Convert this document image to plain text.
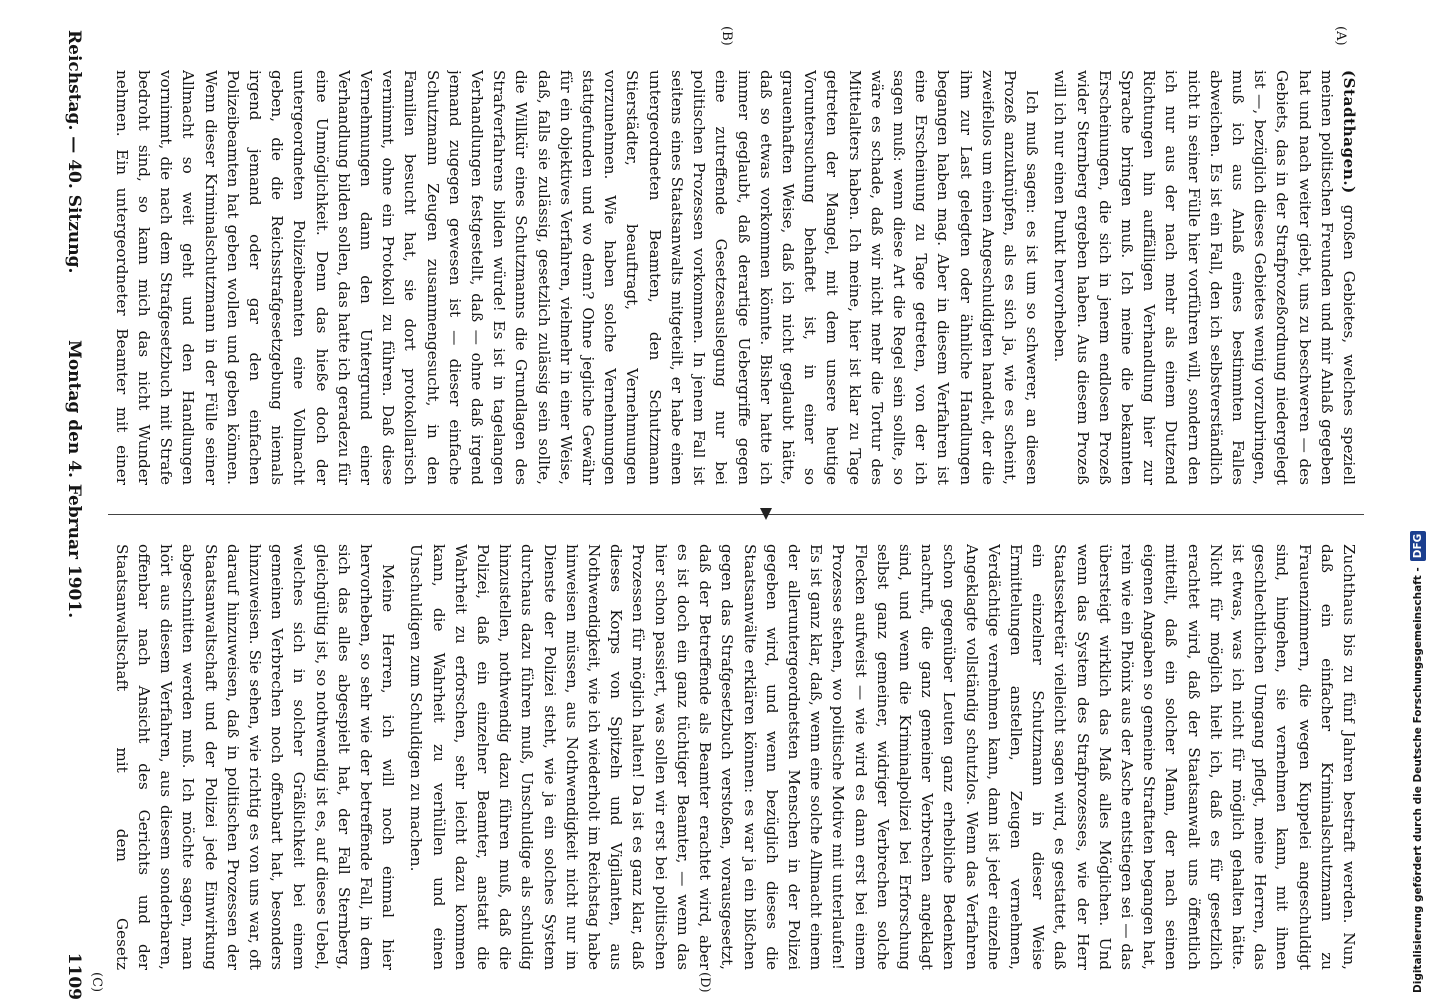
Reichstag. — 40. Sitzung.
Montag den 4. Februar 1901.
1109
(A)
(B)
(C)	(D)

(Stadthagen.) großen Gebietes, welches speziell meinen politischen Freunden und mir Anlaß gegeben hat und nach weiter giebt, uns zu beschweren — des Gebiets, das in der Strafprozeßordnung niedergelegt ist —, bezüglich dieses Gebietes wenig vorzubringen, muß ich aus Anlaß eines bestimmten Falles abweichen. Es ist ein Fall, den ich selbstverständlich nicht in seiner Fülle hier vorführen will, sondern den ich nur aus der nach mehr als einem Dutzend Richtungen hin auffälligen Verhandlung hier zur Sprache bringen muß. Ich meine die bekannten Erscheinungen, die sich in jenem endlosen Prozeß wider Sternberg ergeben haben. Aus diesem Prozeß will ich nur einen Punkt hervorheben.

Ich muß sagen: es ist um so schwerer, an diesen Prozeß anzuknüpfen, als es sich ja, wie es scheint, zweifellos um einen Angeschuldigten handelt, der die ihm zur Last gelegten oder ähnliche Handlungen begangen haben mag. Aber in diesem Verfahren ist eine Erscheinung zu Tage getreten, von der ich sagen muß: wenn diese Art die Regel sein sollte, so wäre es schade, daß wir nicht mehr die Tortur des Mittelalters haben. Ich meine, hier ist klar zu Tage getreten der Mangel, mit dem unsere heutige Voruntersuchung behaftet ist, in einer so grauenhaften Weise, daß ich nicht geglaubt hätte, daß so etwas vorkommen könnte. Bisher hatte ich immer geglaubt, daß derartige Uebergriffe gegen eine zutreffende Gesetzesauslegung nur bei politischen Prozessen vorkommen. In jenem Fall ist seitens eines Staatsanwalts mitgeteilt, er habe einen untergeordneten Beamten, den Schutzmann Stierstädter, beauftragt, Vernehmungen vorzunehmen. Wie haben solche Vernehmungen stattgefunden und wo denn? Ohne jegliche Gewähr für ein objektives Verfahren, vielmehr in einer Weise, daß, falls sie zulässig, gesetzlich zulässig sein sollte, die Willkür eines Schutzmanns die Grundlagen des Strafverfahrens bilden würde! Es ist in tagelangen Verhandlungen festgestellt, daß — ohne daß irgend jemand zugegen gewesen ist — dieser einfache Schutzmann Zeugen zusammengesucht, in den Familien besucht hat, sie dort protokollarisch vernimmt, ohne ein Protokoll zu führen. Daß diese Vernehmungen dann den Untergrund einer Verhandlung bilden sollen, das hatte ich geradezu für eine Unmöglichkeit. Denn das hieße doch der untergeordneten Polizeibeamten eine Vollmacht geben, die die Reichsstrafgesetzgebung niemals irgend jemand oder gar den einfachen Polizeibeamten hat geben wollen und geben können. Wenn dieser Kriminalschutzmann in der Fülle seiner Allmacht so weit geht und den Handlungen vornimmt, die nach dem Strafgesetzbuch mit Strafe bedroht sind, so kann mich das nicht Wunder nehmen. Ein untergeordneter Beamter mit einer

Zuchthaus bis zu fünf Jahren bestraft werden. Nun, daß ein einfacher Kriminalschutzmann zu Frauenzimmern, die wegen Kuppelei angeschuldigt sind, hingehen, sie vernehmen kann, mit ihnen geschlechtlichen Umgang pflegt, meine Herren, das ist etwas, was ich nicht für möglich gehalten hätte. Nicht für möglich hielt ich, daß es für gesetzlich erachtet wird, daß der Staatsanwalt uns öffentlich mitteilt, daß ein solcher Mann, der nach seinen eigenen Angaben so gemeine Straftaten begangen hat, rein wie ein Phönix aus der Asche entstiegen sei — das übersteigt wirklich das Maß alles Möglichen. Und wenn das System des Strafprozesses, wie der Herr Staatssekretär vielleicht sagen wird, es gestattet, daß ein einzelner Schutzmann in dieser Weise Ermittelungen anstellen, Zeugen vernehmen, Verdächtige vernehmen kann, dann ist jeder einzelne Angeklagte vollständig schutzlos. Wenn das Verfahren schon gegenüber Leuten ganz erhebliche Bedenken nachruft, die ganz gemeiner Verbrechen angeklagt sind, und wenn die Kriminalpolizei bei Erforschung selbst ganz gemeiner, widriger Verbrechen solche Flecken aufweist — wie wird es dann erst bei einem Prozesse stehen, wo politische Motive mit unterlaufen! Es ist ganz klar, daß, wenn eine solche Allmacht einem der alleruntergeordnetsten Menschen in der Polizei gegeben wird, und wenn bezüglich dieses die Staatsanwälte erklären können: es war ja ein bißchen gegen das Strafgesetzbuch verstoßen, vorausgesetzt, daß der Betreffende als Beamter erachtet wird, aber es ist doch ein ganz tüchtiger Beamter, — wenn das hier schon passiert, was sollen wir erst bei politischen Prozessen für möglich halten! Da ist es ganz klar, daß dieses Korps von Spitzeln und Vigilanten, aus Nothwendigkeit, wie ich wiederholt im Reichstag habe hinweisen müssen, aus Nothwendigkeit nicht nur im Dienste der Polizei steht, wie ja ein solches System durchaus dazu führen muß, Unschuldige als schuldig hinzustellen, nothwendig dazu führen muß, daß die Polizei, daß ein einzelner Beamter, anstatt die Wahrheit zu erforschen, sehr leicht dazu kommen kann, die Wahrheit zu verhüllen und einen Unschuldigen zum Schuldigen zu machen.

Meine Herren, ich will noch einmal hier hervorheben, so sehr wie der betreffende Fall, in dem sich das alles abgespielt hat, der Fall Sternberg, gleichgültig ist, so nothwendig ist es, auf dieses Uebel, welches sich in solcher Gräßlichkeit bei einem gemeinen Verbrechen noch offenbart hat, besonders hinzuweisen. Sie sehen, wie richtig es von uns war, oft darauf hinzuweisen, daß in politischen Prozessen der Staatsanwaltschaft und der Polizei jede Einwirkung abgeschnitten werden muß. Ich möchte sagen, man hört aus diesem Verfahren, aus diesem sonderbaren, offenbar nach Ansicht des Gerichts und der Staatsanwaltschaft mit dem Gesetz	Digitalisierung gefördert durch die Deutsche Forschungsgemeinschaft -DFG
